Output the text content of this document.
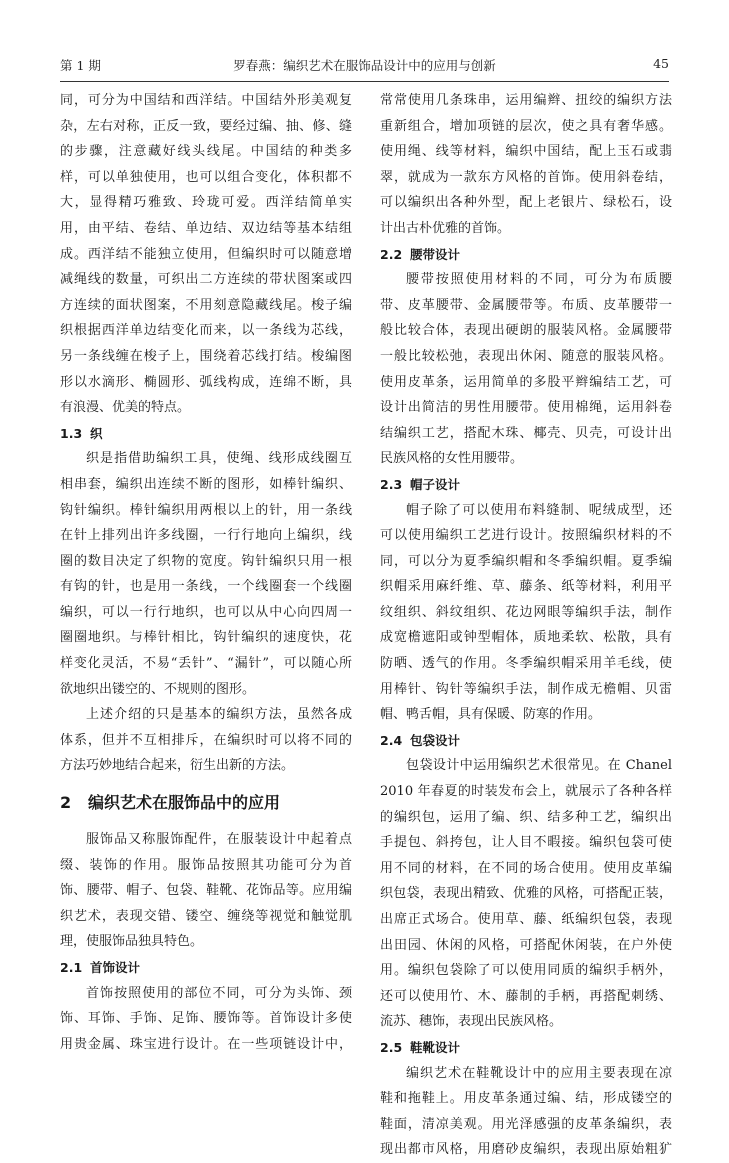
第 1 期	罗春燕：编织艺术在服饰品设计中的应用与创新	45
同，可分为中国结和西洋结。中国结外形美观复
杂，左右对称，正反一致，要经过编、抽、修、缝
的步骤，注意藏好线头线尾。中国结的种类多
样，可以单独使用，也可以组合变化，体积都不
大，显得精巧雅致、玲珑可爱。西洋结简单实
用，由平结、卷结、单边结、双边结等基本结组
成。西洋结不能独立使用，但编织时可以随意增
减绳线的数量，可织出二方连续的带状图案或四
方连续的面状图案，不用刻意隐藏线尾。梭子编
织根据西洋单边结变化而来，以一条线为芯线，
另一条线缠在梭子上，围绕着芯线打结。梭编图
形以水滴形、椭圆形、弧线构成，连绵不断，具
有浪漫、优美的特点。
1.3 织
织是指借助编织工具，使绳、线形成线圈互
相串套，编织出连续不断的图形，如棒针编织、
钩针编织。棒针编织用两根以上的针，用一条线
在针上排列出许多线圈，一行行地向上编织，线
圈的数目决定了织物的宽度。钩针编织只用一根
有钩的针，也是用一条线，一个线圈套一个线圈
编织，可以一行行地织，也可以从中心向四周一
圈圈地织。与棒针相比，钩针编织的速度快，花
样变化灵活，不易“丢针”、“漏针”，可以随心所
欲地织出镂空的、不规则的图形。
上述介绍的只是基本的编织方法，虽然各成
体系，但并不互相排斥，在编织时可以将不同的
方法巧妙地结合起来，衍生出新的方法。
2 编织艺术在服饰品中的应用
服饰品又称服饰配件，在服装设计中起着点
缀、装饰的作用。服饰品按照其功能可分为首
饰、腰带、帽子、包袋、鞋靴、花饰品等。应用编
织艺术，表现交错、镂空、缠绕等视觉和触觉肌
理，使服饰品独具特色。
2.1 首饰设计
首饰按照使用的部位不同，可分为头饰、颈
饰、耳饰、手饰、足饰、腰饰等。首饰设计多使
用贵金属、珠宝进行设计。在一些项链设计中，
常常使用几条珠串，运用编辫、扭绞的编织方法
重新组合，增加项链的层次，使之具有奢华感。
使用绳、线等材料，编织中国结，配上玉石或翡
翠，就成为一款东方风格的首饰。使用斜卷结，
可以编织出各种外型，配上老银片、绿松石，设
计出古朴优雅的首饰。
2.2 腰带设计
腰带按照使用材料的不同，可分为布质腰
带、皮革腰带、金属腰带等。布质、皮革腰带一
般比较合体，表现出硬朗的服装风格。金属腰带
一般比较松弛，表现出休闲、随意的服装风格。
使用皮革条，运用简单的多股平辫编结工艺，可
设计出简洁的男性用腰带。使用棉绳，运用斜卷
结编织工艺，搭配木珠、椰壳、贝壳，可设计出
民族风格的女性用腰带。
2.3 帽子设计
帽子除了可以使用布料缝制、呢绒成型，还
可以使用编织工艺进行设计。按照编织材料的不
同，可以分为夏季编织帽和冬季编织帽。夏季编
织帽采用麻纤维、草、藤条、纸等材料，利用平
纹组织、斜纹组织、花边网眼等编织手法，制作
成宽檐遮阳或钟型帽体，质地柔软、松散，具有
防晒、透气的作用。冬季编织帽采用羊毛线，使
用棒针、钩针等编织手法，制作成无檐帽、贝雷
帽、鸭舌帽，具有保暖、防寒的作用。
2.4 包袋设计
包袋设计中运用编织艺术很常见。在 Chanel
2010 年春夏的时装发布会上，就展示了各种各样
的编织包，运用了编、织、结多种工艺，编织出
手提包、斜挎包，让人目不暇接。编织包袋可使
用不同的材料，在不同的场合使用。使用皮革编
织包袋，表现出精致、优雅的风格，可搭配正装，
出席正式场合。使用草、藤、纸编织包袋，表现
出田园、休闲的风格，可搭配休闲装，在户外使
用。编织包袋除了可以使用同质的编织手柄外，
还可以使用竹、木、藤制的手柄，再搭配刺绣、
流苏、穗饰，表现出民族风格。
2.5 鞋靴设计
编织艺术在鞋靴设计中的应用主要表现在凉
鞋和拖鞋上。用皮革条通过编、结，形成镂空的
鞋面，清凉美观。用光泽感强的皮革条编织，表
现出都市风格，用磨砂皮编织，表现出原始粗犷
